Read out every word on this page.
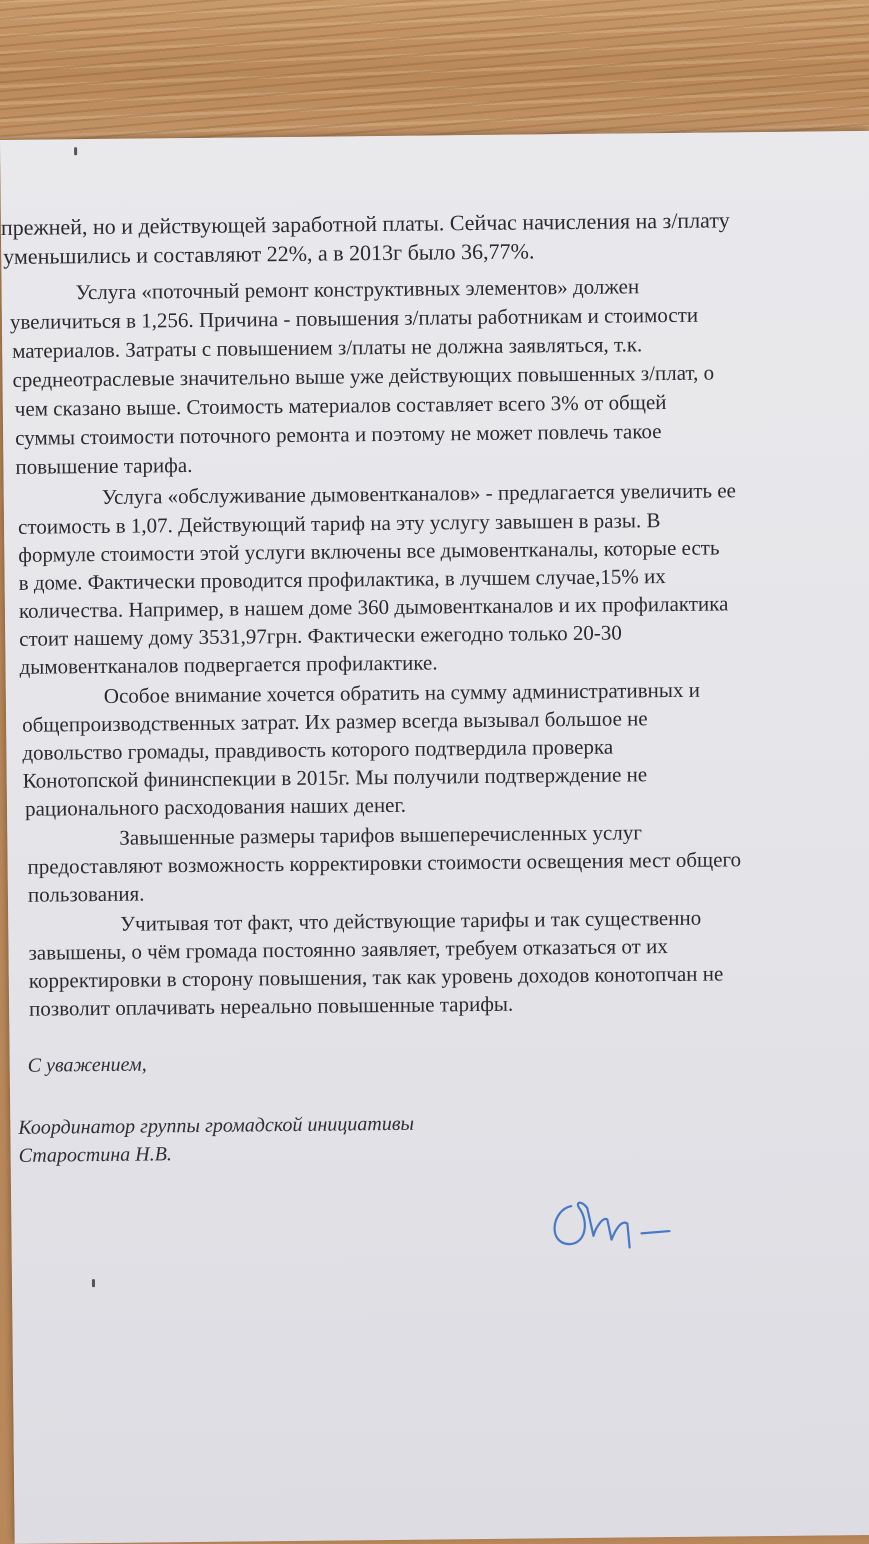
прежней, но и действующей заработной платы. Сейчас начисления на з/плату
уменьшились и составляют 22%, а в 2013г было 36,77%.
Услуга «поточный ремонт конструктивных элементов» должен
увеличиться в 1,256. Причина - повышения з/платы работникам и стоимости
материалов. Затраты с повышением з/платы не должна заявляться, т.к.
среднеотраслевые значительно выше уже действующих повышенных з/плат, о
чем сказано выше. Стоимость материалов составляет всего 3% от общей
суммы стоимости поточного ремонта и поэтому не может повлечь такое
повышение тарифа.
Услуга «обслуживание дымовентканалов» - предлагается увеличить ее
стоимость в 1,07. Действующий тариф на эту услугу завышен в разы. В
формуле стоимости этой услуги включены все дымовентканалы, которые есть
в доме. Фактически проводится профилактика, в лучшем случае,15% их
количества. Например, в нашем доме 360 дымовентканалов и их профилактика
стоит нашему дому 3531,97грн. Фактически ежегодно только 20-30
дымовентканалов подвергается профилактике.
Особое внимание хочется обратить на сумму административных и
общепроизводственных затрат. Их размер всегда вызывал большое не
довольство громады, правдивость которого подтвердила проверка
Конотопской фининспекции в 2015г. Мы получили подтверждение не
рационального расходования наших денег.
Завышенные размеры тарифов вышеперечисленных услуг
предоставляют возможность корректировки стоимости освещения мест общего
пользования.
Учитывая тот факт, что действующие тарифы и так существенно
завышены, о чём громада постоянно заявляет, требуем отказаться от их
корректировки в сторону повышения, так как уровень доходов конотопчан не
позволит оплачивать нереально повышенные тарифы.
С уважением,
Координатор группы громадской инициативы
Старостина Н.В.
